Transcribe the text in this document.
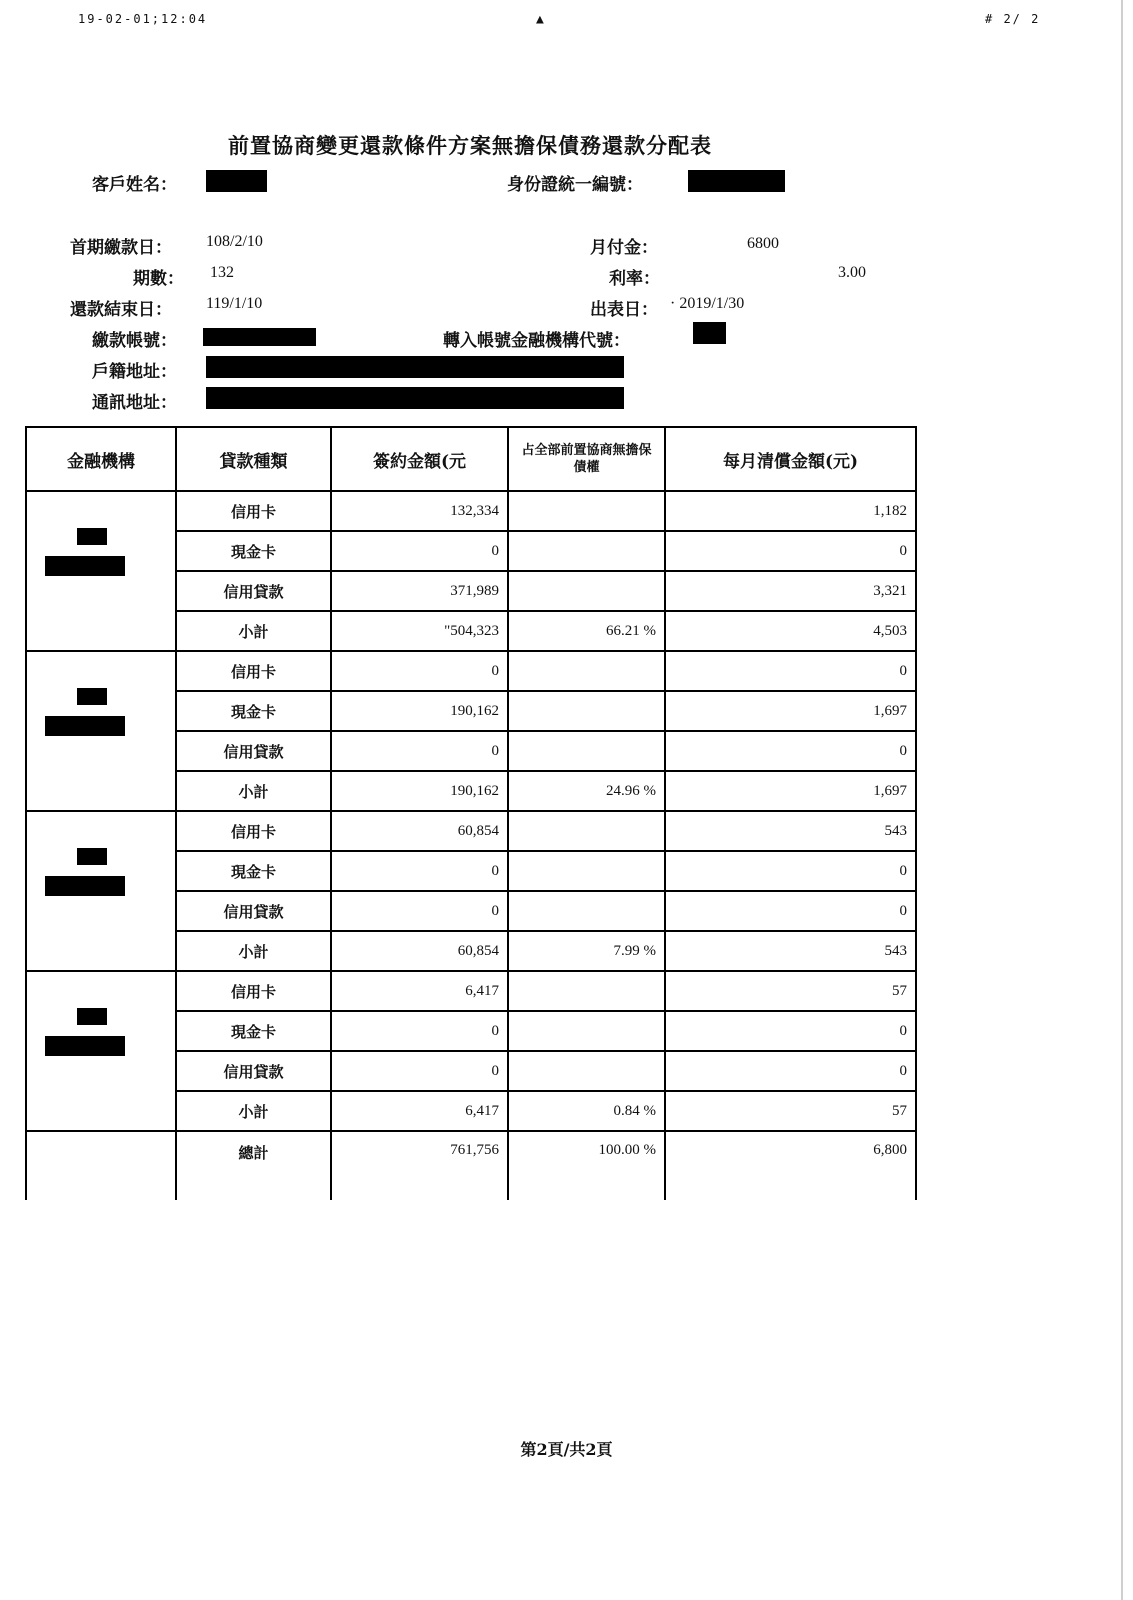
19-02-01;12:04	▲	# 2/ 2
前置協商變更還款條件方案無擔保債務還款分配表
客戶姓名：	身份證統一編號：
首期繳款日： 108/2/10	月付金：	6800
期數： 132	利率：	3.00
還款結束日： 119/1/10	出表日： · 2019/1/30
繳款帳號：	轉入帳號金融機構代號：
戶籍地址：
通訊地址：
金融機構	貸款種類	簽約金額(元	占全部前置協商無擔保債權	每月清償金額(元)

	信用卡	132,334		1,182
	現金卡	0		0
	信用貸款	371,989		3,321
	小計	"504,323	66.21 %	4,503

	信用卡	0		0
	現金卡	190,162		1,697
	信用貸款	0		0
	小計	190,162	24.96 %	1,697

	信用卡	60,854		543
	現金卡	0		0
	信用貸款	0		0
	小計	60,854	7.99 %	543

	信用卡	6,417		57
	現金卡	0		0
	信用貸款	0		0
	小計	6,417	0.84 %	57
	總計	761,756	100.00 %	6,800
第2頁/共2頁
